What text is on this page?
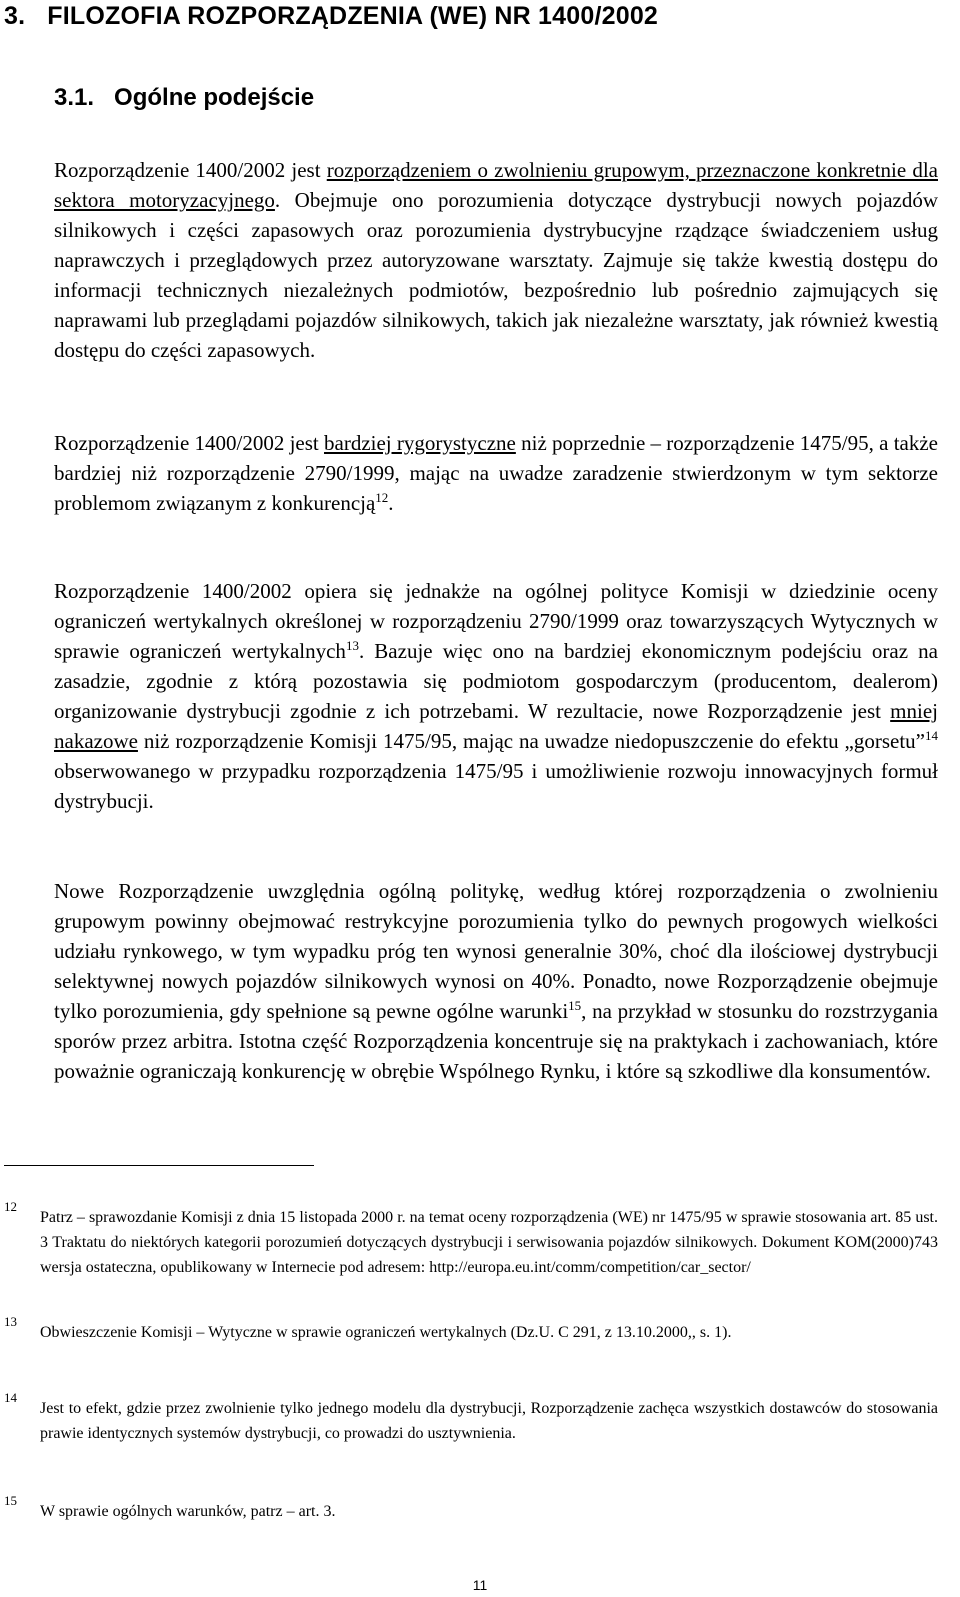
3. FILOZOFIA ROZPORZĄDZENIA (WE) NR 1400/2002
3.1. Ogólne podejście

Rozporządzenie 1400/2002 jest rozporządzeniem o zwolnieniu grupowym, przeznaczone konkretnie dla sektora motoryzacyjnego. Obejmuje ono porozumienia dotyczące dystrybucji nowych pojazdów silnikowych i części zapasowych oraz porozumienia dystrybucyjne rządzące świadczeniem usług naprawczych i przeglądowych przez autoryzowane warsztaty. Zajmuje się także kwestią dostępu do informacji technicznych niezależnych podmiotów, bezpośrednio lub pośrednio zajmujących się naprawami lub przeglądami pojazdów silnikowych, takich jak niezależne warsztaty, jak również kwestią dostępu do części zapasowych.

Rozporządzenie 1400/2002 jest bardziej rygorystyczne niż poprzednie – rozporządzenie 1475/95, a także bardziej niż rozporządzenie 2790/1999, mając na uwadze zaradzenie stwierdzonym w tym sektorze problemom związanym z konkurencją$^{12}$.

Rozporządzenie 1400/2002 opiera się jednakże na ogólnej polityce Komisji w dziedzinie oceny ograniczeń wertykalnych określonej w rozporządzeniu 2790/1999 oraz towarzyszących Wytycznych w sprawie ograniczeń wertykalnych$^{13}$. Bazuje więc ono na bardziej ekonomicznym podejściu oraz na zasadzie, zgodnie z którą pozostawia się podmiotom gospodarczym (producentom, dealerom) organizowanie dystrybucji zgodnie z ich potrzebami. W rezultacie, nowe Rozporządzenie jest mniej nakazowe niż rozporządzenie Komisji 1475/95, mając na uwadze niedopuszczenie do efektu „gorsetu”$^{14}$ obserwowanego w przypadku rozporządzenia 1475/95 i umożliwienie rozwoju innowacyjnych formuł dystrybucji.

Nowe Rozporządzenie uwzględnia ogólną politykę, według której rozporządzenia o zwolnieniu grupowym powinny obejmować restrykcyjne porozumienia tylko do pewnych progowych wielkości udziału rynkowego, w tym wypadku próg ten wynosi generalnie 30%, choć dla ilościowej dystrybucji selektywnej nowych pojazdów silnikowych wynosi on 40%. Ponadto, nowe Rozporządzenie obejmuje tylko porozumienia, gdy spełnione są pewne ogólne warunki$^{15}$, na przykład w stosunku do rozstrzygania sporów przez arbitra. Istotna część Rozporządzenia koncentruje się na praktykach i zachowaniach, które poważnie ograniczają konkurencję w obrębie Wspólnego Rynku, i które są szkodliwe dla konsumentów.

12
Patrz – sprawozdanie Komisji z dnia 15 listopada 2000 r. na temat oceny rozporządzenia (WE) nr 1475/95 w sprawie stosowania art. 85 ust. 3 Traktatu do niektórych kategorii porozumień dotyczących dystrybucji i serwisowania pojazdów silnikowych. Dokument KOM(2000)743 wersja ostateczna, opublikowany w Internecie pod adresem: http://europa.eu.int/comm/competition/car_sector/
13
Obwieszczenie Komisji – Wytyczne w sprawie ograniczeń wertykalnych (Dz.U. C 291, z 13.10.2000,, s. 1).
14
Jest to efekt, gdzie przez zwolnienie tylko jednego modelu dla dystrybucji, Rozporządzenie zachęca wszystkich dostawców do stosowania prawie identycznych systemów dystrybucji, co prowadzi do usztywnienia.
15
W sprawie ogólnych warunków, patrz – art. 3.
11
